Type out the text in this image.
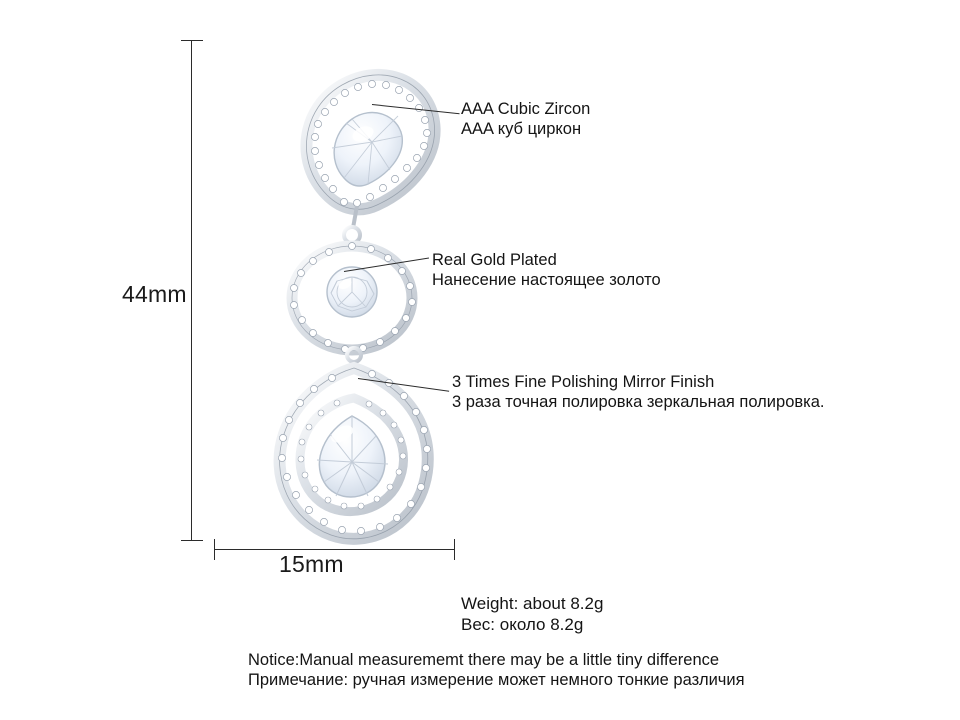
44mm
15mm
AAA Cubic Zircon
AAA куб циркон
Real Gold Plated
Нанесение настоящее золото
3 Times Fine Polishing Mirror Finish
3 раза точная полировка зеркальная полировка.
Weight: about 8.2g
Вес: около 8.2g
Notice:Manual measurememt there may be a little tiny difference
Примечание: ручная измерение может немного тонкие различия
